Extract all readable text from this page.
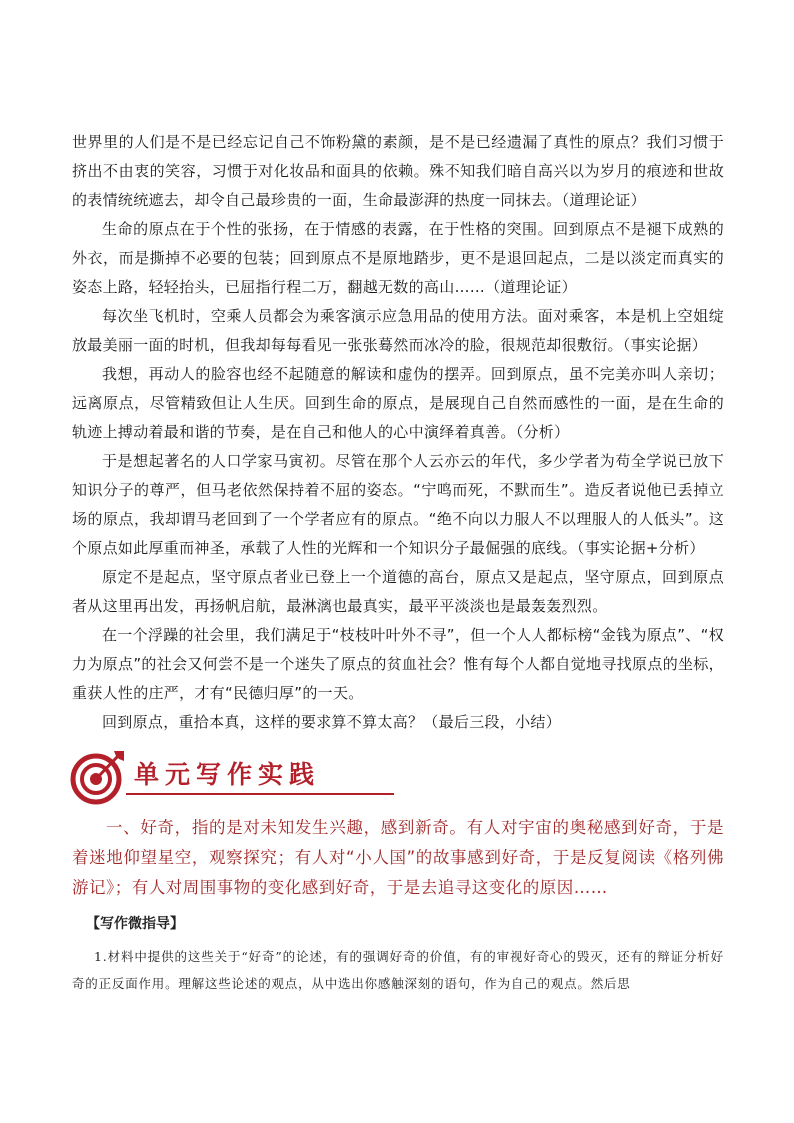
世界里的人们是不是已经忘记自己不饰粉黛的素颜，是不是已经遗漏了真性的原点？我们习惯于挤出不由衷的笑容，习惯于对化妆品和面具的依赖。殊不知我们暗自高兴以为岁月的痕迹和世故的表情统统遮去，却令自己最珍贵的一面，生命最澎湃的热度一同抹去。（道理论证）

生命的原点在于个性的张扬，在于情感的表露，在于性格的突围。回到原点不是褪下成熟的外衣，而是撕掉不必要的包装；回到原点不是原地踏步，更不是退回起点，二是以淡定而真实的姿态上路，轻轻抬头，已屈指行程二万，翻越无数的高山……（道理论证）

每次坐飞机时，空乘人员都会为乘客演示应急用品的使用方法。面对乘客，本是机上空姐绽放最美丽一面的时机，但我却每每看见一张张蓦然而冰冷的脸，很规范却很敷衍。（事实论据）

我想，再动人的脸容也经不起随意的解读和虚伪的摆弄。回到原点，虽不完美亦叫人亲切；远离原点，尽管精致但让人生厌。回到生命的原点，是展现自己自然而感性的一面，是在生命的轨迹上搏动着最和谐的节奏，是在自己和他人的心中演绎着真善。（分析）

于是想起著名的人口学家马寅初。尽管在那个人云亦云的年代，多少学者为苟全学说已放下知识分子的尊严，但马老依然保持着不屈的姿态。“宁鸣而死，不默而生”。造反者说他已丢掉立场的原点，我却谓马老回到了一个学者应有的原点。“绝不向以力服人不以理服人的人低头”。这个原点如此厚重而神圣，承载了人性的光辉和一个知识分子最倔强的底线。（事实论据+分析）

原定不是起点，坚守原点者业已登上一个道德的高台，原点又是起点，坚守原点，回到原点者从这里再出发，再扬帆启航，最淋漓也最真实，最平平淡淡也是最轰轰烈烈。

在一个浮躁的社会里，我们满足于“枝枝叶叶外不寻”，但一个人人都标榜“金钱为原点”、“权力为原点”的社会又何尝不是一个迷失了原点的贫血社会？惟有每个人都自觉地寻找原点的坐标，重获人性的庄严，才有“民德归厚”的一天。

回到原点，重拾本真，这样的要求算不算太高？（最后三段，小结）

单元写作实践

一、好奇，指的是对未知发生兴趣，感到新奇。有人对宇宙的奥秘感到好奇，于是着迷地仰望星空，观察探究；有人对“小人国”的故事感到好奇，于是反复阅读《格列佛游记》；有人对周围事物的变化感到好奇，于是去追寻这变化的原因……

【写作微指导】

1.材料中提供的这些关于“好奇”的论述，有的强调好奇的价值，有的审视好奇心的毁灭，还有的辩证分析好奇的正反面作用。理解这些论述的观点，从中选出你感触深刻的语句，作为自己的观点。然后思
